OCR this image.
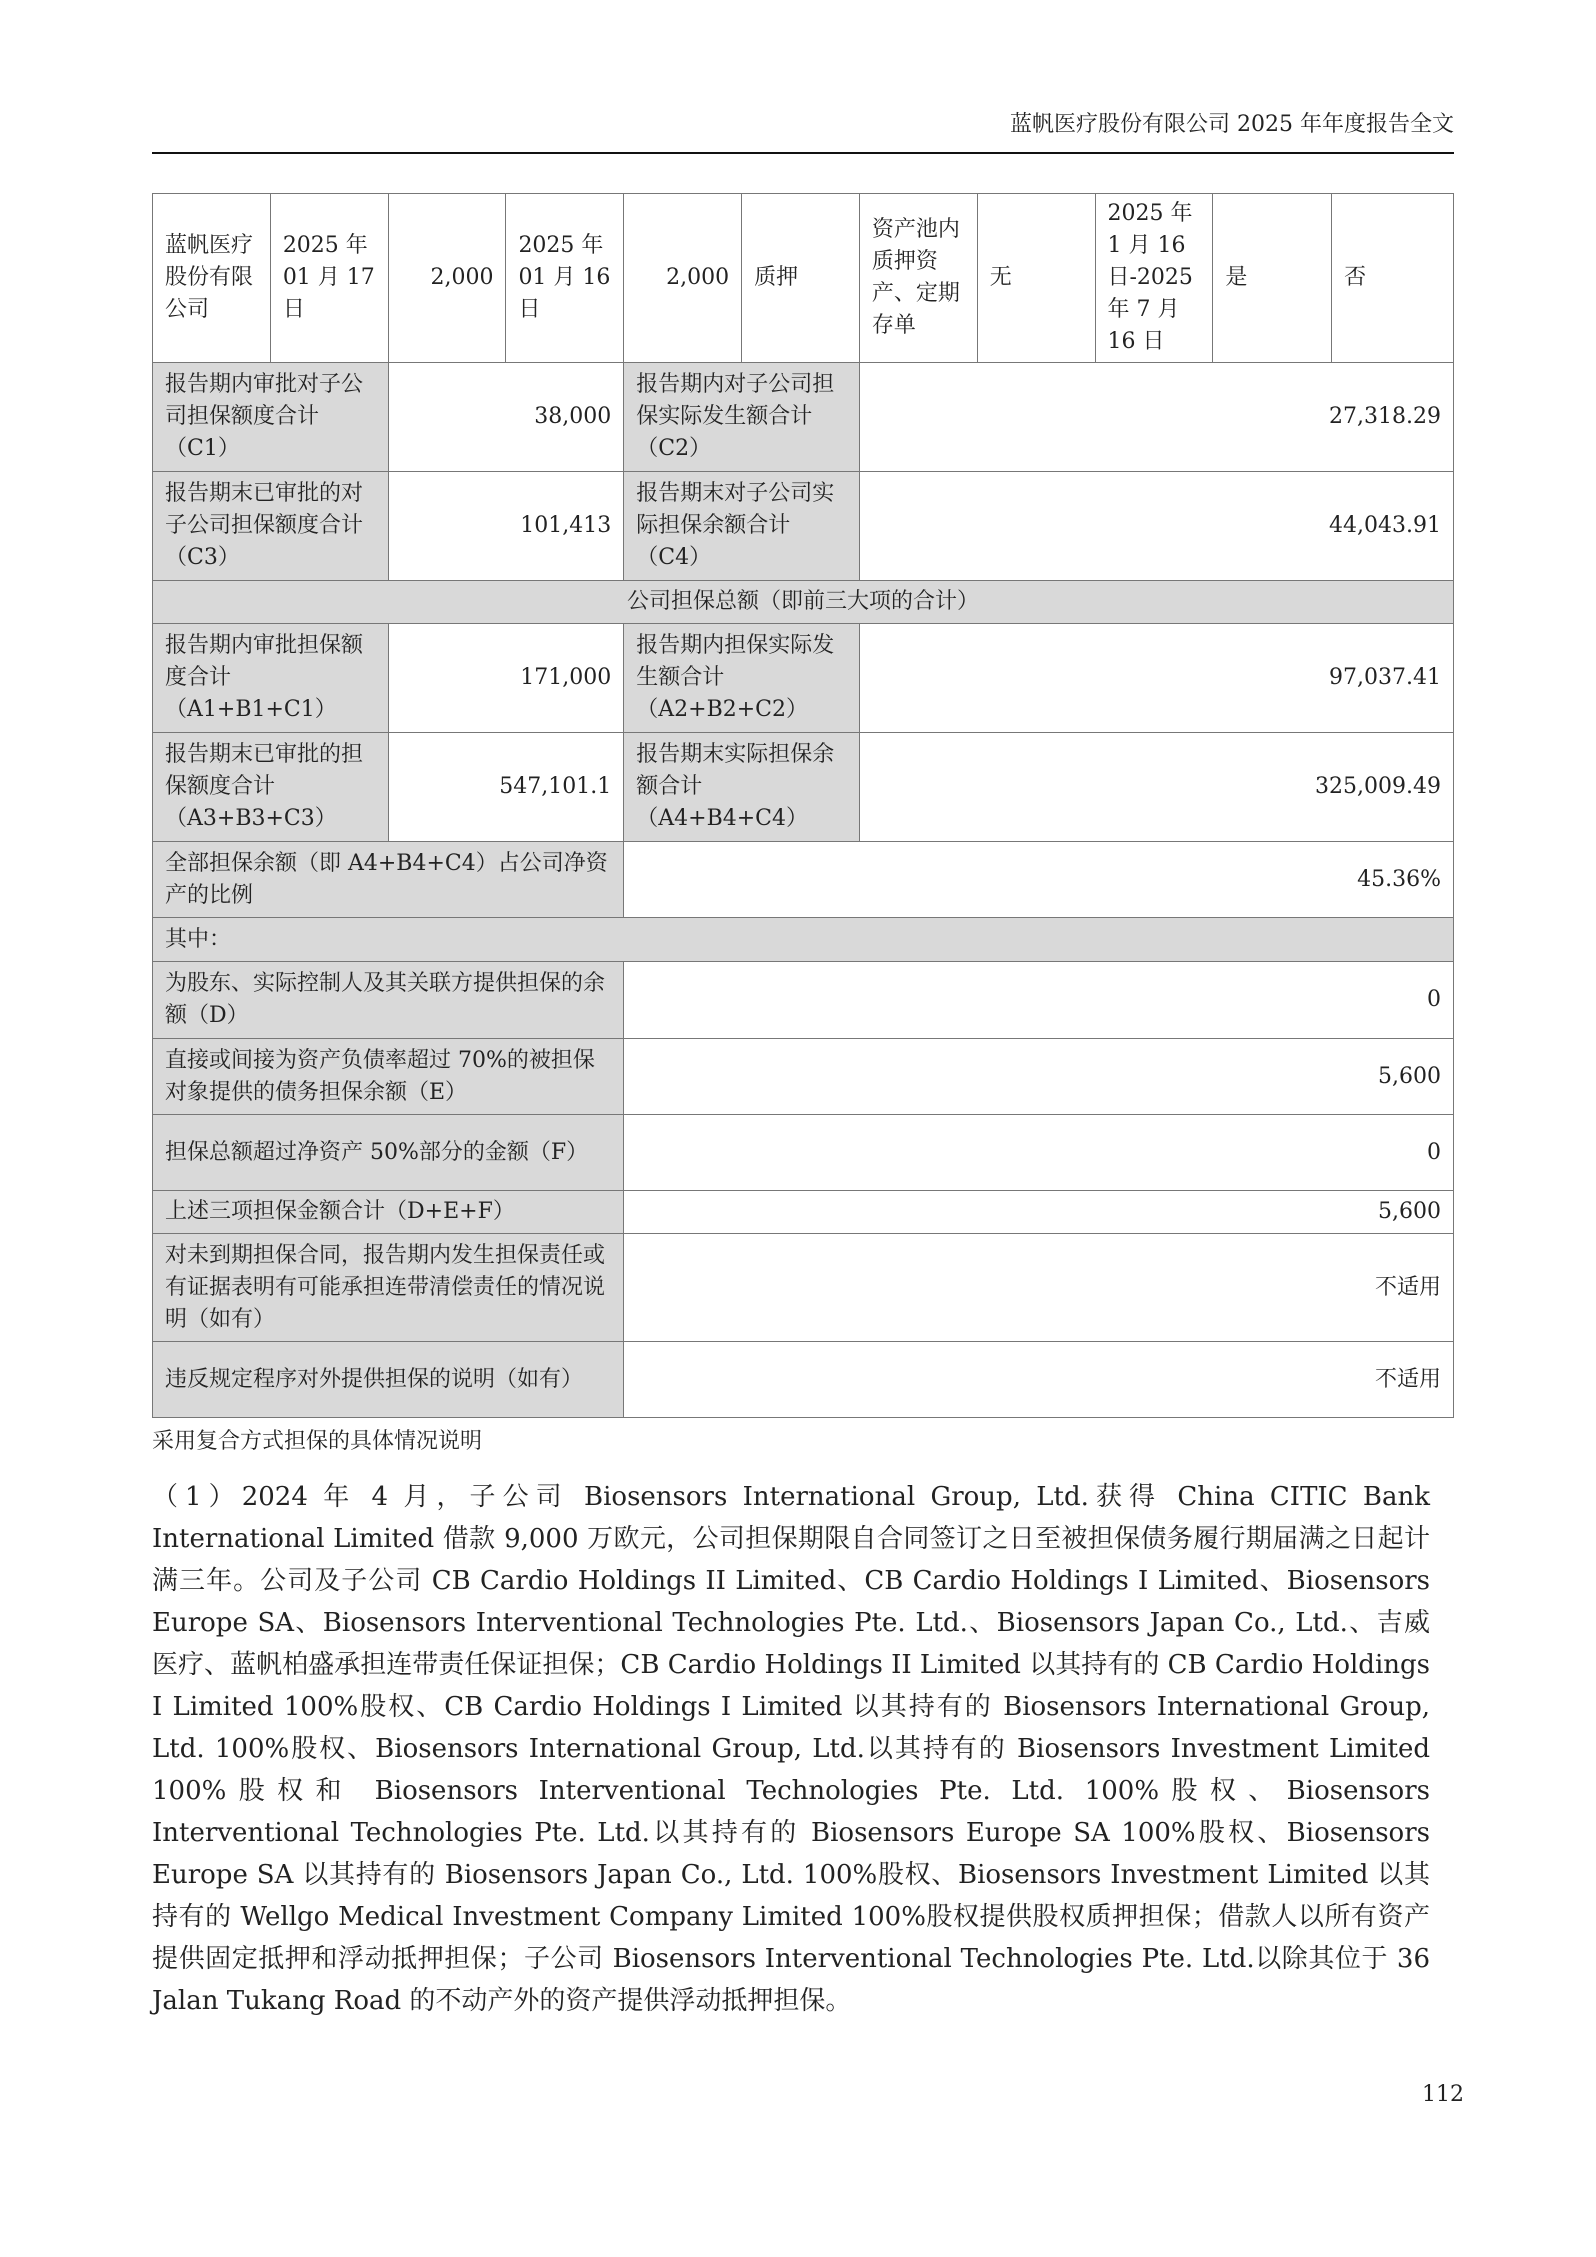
蓝帆医疗股份有限公司 2025 年年度报告全文
蓝帆医疗股份有限公司	2025 年 01 月 17 日	2,000	2025 年 01 月 16 日	2,000	质押	资产池内质押资产、定期存单	无	2025 年 1 月 16 日-2025 年 7 月 16 日	是	否
报告期内审批对子公司担保额度合计（C1）		38,000		报告期内对子公司担保实际发生额合计（C2）		27,318.29				
报告期末已审批的对子公司担保额度合计（C3）		101,413		报告期末对子公司实际担保余额合计（C4）		44,043.91				
公司担保总额（即前三大项的合计）										
报告期内审批担保额度合计（A1+B1+C1）		171,000		报告期内担保实际发生额合计（A2+B2+C2）		97,037.41				
报告期末已审批的担保额度合计（A3+B3+C3）		547,101.1		报告期末实际担保余额合计（A4+B4+C4）		325,009.49				
全部担保余额（即 A4+B4+C4）占公司净资产的比例				45.36%						
其中：										
为股东、实际控制人及其关联方提供担保的余额（D）				0						
直接或间接为资产负债率超过 70%的被担保对象提供的债务担保余额（E）				5,600						
担保总额超过净资产 50%部分的金额（F）				0						
上述三项担保金额合计（D+E+F）				5,600						
对未到期担保合同，报告期内发生担保责任或有证据表明有可能承担连带清偿责任的情况说明（如有）				不适用						
违反规定程序对外提供担保的说明（如有）				不适用						
采用复合方式担保的具体情况说明

（1）2024 年 4 月，子公司 Biosensors International Group, Ltd.获得 China CITIC Bank International Limited 借款 9,000 万欧元，公司担保期限自合同签订之日至被担保债务履行期届满之日起计满三年。公司及子公司 CB Cardio Holdings II Limited、CB Cardio Holdings I Limited、Biosensors Europe SA、Biosensors Interventional Technologies Pte. Ltd.、Biosensors Japan Co., Ltd.、吉威医疗、蓝帆柏盛承担连带责任保证担保；CB Cardio Holdings II Limited 以其持有的 CB Cardio Holdings I Limited 100%股权、CB Cardio Holdings I Limited 以其持有的 Biosensors International Group, Ltd. 100%股权、Biosensors International Group, Ltd.以其持有的 Biosensors Investment Limited 100%股权和 Biosensors Interventional Technologies Pte. Ltd. 100%股权、Biosensors Interventional Technologies Pte. Ltd.以其持有的 Biosensors Europe SA 100%股权、Biosensors Europe SA 以其持有的 Biosensors Japan Co., Ltd. 100%股权、Biosensors Investment Limited 以其持有的 Wellgo Medical Investment Company Limited 100%股权提供股权质押担保；借款人以所有资产提供固定抵押和浮动抵押担保；子公司 Biosensors Interventional Technologies Pte. Ltd.以除其位于 36 Jalan Tukang Road 的不动产外的资产提供浮动抵押担保。

112
